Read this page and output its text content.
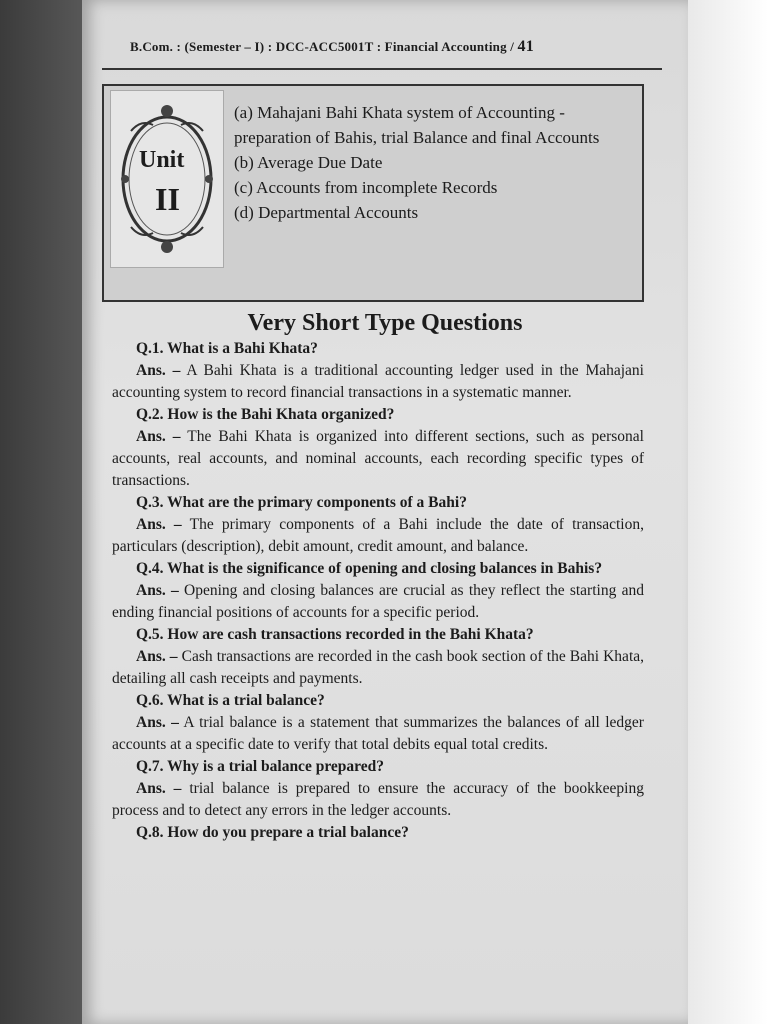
B.Com. : (Semester – I) : DCC-ACC5001T : Financial Accounting / 41
Unit
II
(a) Mahajani Bahi Khata system of Accounting - preparation of Bahis, trial Balance and final Accounts
(b) Average Due Date
(c) Accounts from incomplete Records
(d) Departmental Accounts
Very Short Type Questions

Q.1. What is a Bahi Khata?

Ans. – A Bahi Khata is a traditional accounting ledger used in the Mahajani accounting system to record financial transactions in a systematic manner.

Q.2. How is the Bahi Khata organized?

Ans. – The Bahi Khata is organized into different sections, such as personal accounts, real accounts, and nominal accounts, each recording specific types of transactions.

Q.3. What are the primary components of a Bahi?

Ans. – The primary components of a Bahi include the date of transaction, particulars (description), debit amount, credit amount, and balance.

Q.4. What is the significance of opening and closing balances in Bahis?

Ans. – Opening and closing balances are crucial as they reflect the starting and ending financial positions of accounts for a specific period.

Q.5. How are cash transactions recorded in the Bahi Khata?

Ans. – Cash transactions are recorded in the cash book section of the Bahi Khata, detailing all cash receipts and payments.

Q.6. What is a trial balance?

Ans. – A trial balance is a statement that summarizes the balances of all ledger accounts at a specific date to verify that total debits equal total credits.

Q.7. Why is a trial balance prepared?

Ans. – trial balance is prepared to ensure the accuracy of the bookkeeping process and to detect any errors in the ledger accounts.

Q.8. How do you prepare a trial balance?
